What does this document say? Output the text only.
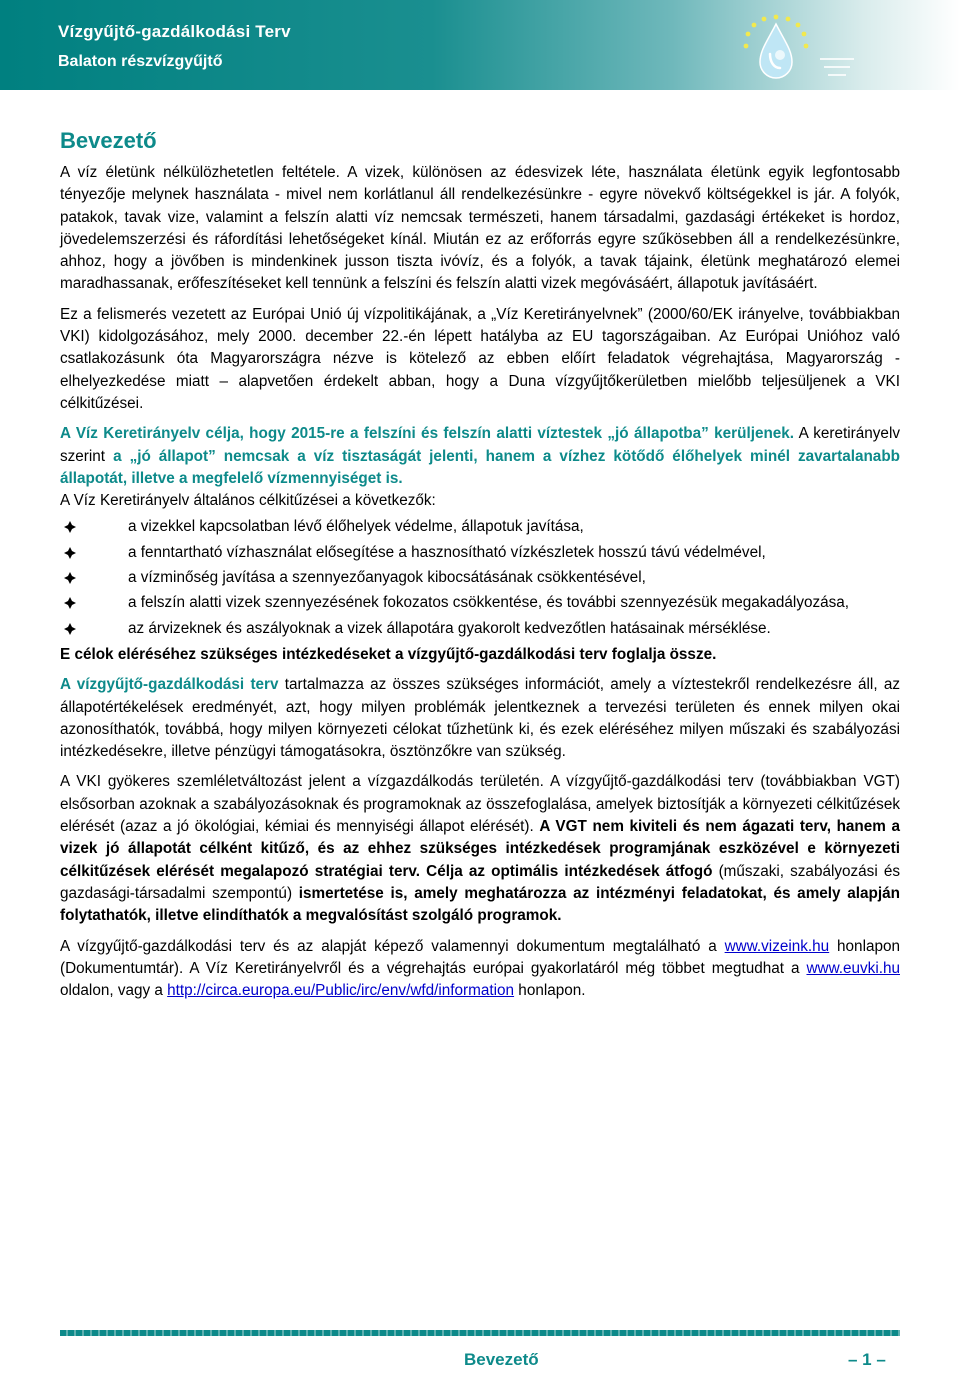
Vízgyűjtő-gazdálkodási Terv
Balaton részvízgyűjtő
Bevezető

A víz életünk nélkülözhetetlen feltétele. A vizek, különösen az édesvizek léte, használata életünk egyik legfontosabb tényezője melynek használata - mivel nem korlátlanul áll rendelkezésünkre - egyre növekvő költségekkel is jár. A folyók, patakok, tavak vize, valamint a felszín alatti víz nemcsak természeti, hanem társadalmi, gazdasági értékeket is hordoz, jövedelemszerzési és ráfordítási lehetőségeket kínál. Miután ez az erőforrás egyre szűkösebben áll a rendelkezésünkre, ahhoz, hogy a jövőben is mindenkinek jusson tiszta ivóvíz, és a folyók, a tavak tájaink, életünk meghatározó elemei maradhassanak, erőfeszítéseket kell tennünk a felszíni és felszín alatti vizek megóvásáért, állapotuk javításáért.

Ez a felismerés vezetett az Európai Unió új vízpolitikájának, a „Víz Keretirányelvnek” (2000/60/EK irányelve, továbbiakban VKI) kidolgozásához, mely 2000. december 22.-én lépett hatályba az EU tagországaiban. Az Európai Unióhoz való csatlakozásunk óta Magyarországra nézve is kötelező az ebben előírt feladatok végrehajtása, Magyarország - elhelyezkedése miatt – alapvetően érdekelt abban, hogy a Duna vízgyűjtőkerületben mielőbb teljesüljenek a VKI célkitűzései.

A Víz Keretirányelv célja, hogy 2015-re a felszíni és felszín alatti víztestek „jó állapotba” kerüljenek. A keretirányelv szerint a „jó állapot” nemcsak a víz tisztaságát jelenti, hanem a vízhez kötődő élőhelyek minél zavartalanabb állapotát, illetve a megfelelő vízmennyiséget is.

A Víz Keretirányelv általános célkitűzései a következők:

a vizekkel kapcsolatban lévő élőhelyek védelme, állapotuk javítása,
a fenntartható vízhasználat elősegítése a hasznosítható vízkészletek hosszú távú védelmével,
a vízminőség javítása a szennyezőanyagok kibocsátásának csökkentésével,
a felszín alatti vizek szennyezésének fokozatos csökkentése, és további szennyezésük megakadályozása,
az árvizeknek és aszályoknak a vizek állapotára gyakorolt kedvezőtlen hatásainak mérséklése.

E célok eléréséhez szükséges intézkedéseket a vízgyűjtő-gazdálkodási terv foglalja össze.

A vízgyűjtő-gazdálkodási terv tartalmazza az összes szükséges információt, amely a víztestekről rendelkezésre áll, az állapotértékelések eredményét, azt, hogy milyen problémák jelentkeznek a tervezési területen és ennek milyen okai azonosíthatók, továbbá, hogy milyen környezeti célokat tűzhetünk ki, és ezek eléréséhez milyen műszaki és szabályozási intézkedésekre, illetve pénzügyi támogatásokra, ösztönzőkre van szükség.

A VKI gyökeres szemléletváltozást jelent a vízgazdálkodás területén. A vízgyűjtő-gazdálkodási terv (továbbiakban VGT) elsősorban azoknak a szabályozásoknak és programoknak az összefoglalása, amelyek biztosítják a környezeti célkitűzések elérését (azaz a jó ökológiai, kémiai és mennyiségi állapot elérését). A VGT nem kiviteli és nem ágazati terv, hanem a vizek jó állapotát célként kitűző, és az ehhez szükséges intézkedések programjának eszközével e környezeti célkitűzések elérését megalapozó stratégiai terv. Célja az optimális intézkedések átfogó (műszaki, szabályozási és gazdasági-társadalmi szempontú) ismertetése is, amely meghatározza az intézményi feladatokat, és amely alapján folytathatók, illetve elindíthatók a megvalósítást szolgáló programok.

A vízgyűjtő-gazdálkodási terv és az alapját képező valamennyi dokumentum megtalálható a www.vizeink.hu honlapon (Dokumentumtár). A Víz Keretirányelvről és a végrehajtás európai gyakorlatáról még többet megtudhat a www.euvki.hu oldalon, vagy a http://circa.europa.eu/Public/irc/env/wfd/information honlapon.

Bevezető	– 1 –
